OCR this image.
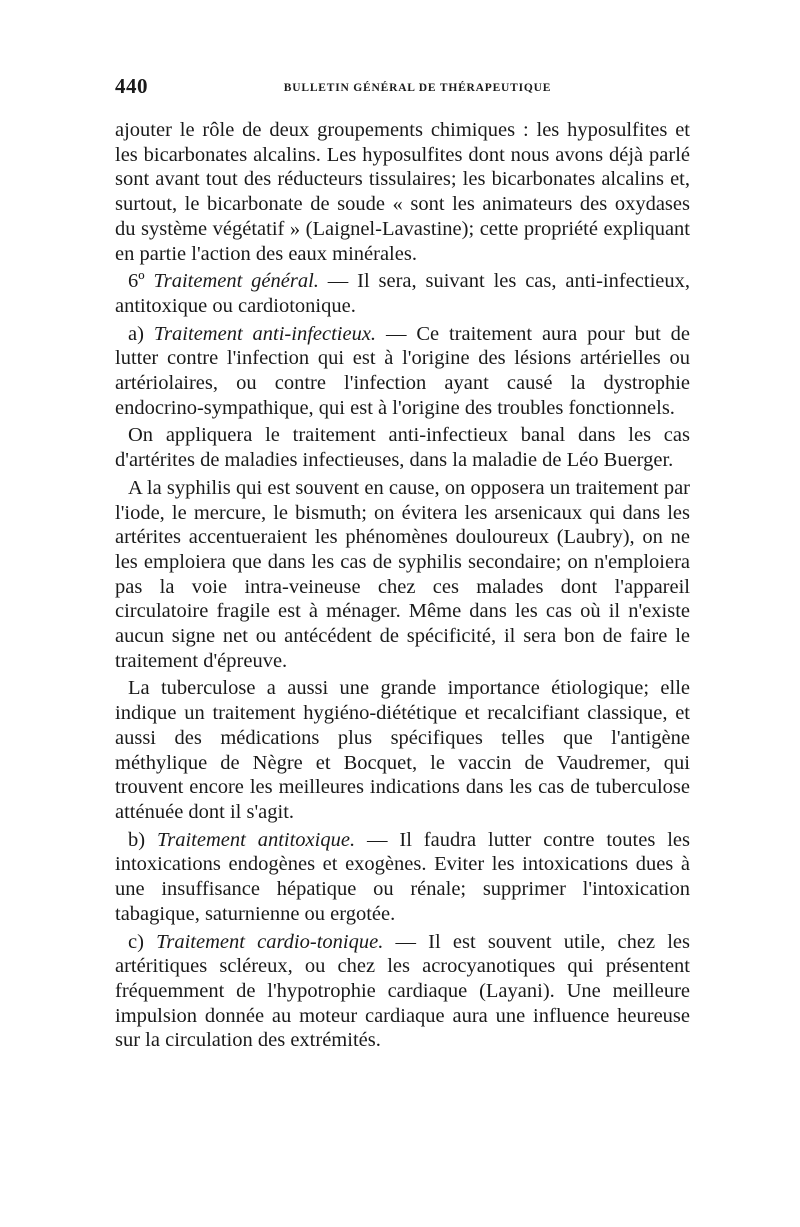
440	BULLETIN GÉNÉRAL DE THÉRAPEUTIQUE

ajouter le rôle de deux groupements chimiques : les hyposulfites et les bicarbonates alcalins. Les hyposulfites dont nous avons déjà parlé sont avant tout des réducteurs tissulaires; les bicarbonates alcalins et, surtout, le bicarbonate de soude « sont les animateurs des oxydases du système végétatif » (Laignel-Lavastine); cette propriété expliquant en partie l'action des eaux minérales.

6º Traitement général. — Il sera, suivant les cas, anti-infectieux, antitoxique ou cardiotonique.

a) Traitement anti-infectieux. — Ce traitement aura pour but de lutter contre l'infection qui est à l'origine des lésions artérielles ou artériolaires, ou contre l'infection ayant causé la dystrophie endocrino-sympathique, qui est à l'origine des troubles fonctionnels.

On appliquera le traitement anti-infectieux banal dans les cas d'artérites de maladies infectieuses, dans la maladie de Léo Buerger.

A la syphilis qui est souvent en cause, on opposera un traitement par l'iode, le mercure, le bismuth; on évitera les arsenicaux qui dans les artérites accentueraient les phénomènes douloureux (Laubry), on ne les emploiera que dans les cas de syphilis secondaire; on n'emploiera pas la voie intra-veineuse chez ces malades dont l'appareil circulatoire fragile est à ménager. Même dans les cas où il n'existe aucun signe net ou antécédent de spécificité, il sera bon de faire le traitement d'épreuve.

La tuberculose a aussi une grande importance étiologique; elle indique un traitement hygiéno-diététique et recalcifiant classique, et aussi des médications plus spécifiques telles que l'antigène méthylique de Nègre et Bocquet, le vaccin de Vaudremer, qui trouvent encore les meilleures indications dans les cas de tuberculose atténuée dont il s'agit.

b) Traitement antitoxique. — Il faudra lutter contre toutes les intoxications endogènes et exogènes. Eviter les intoxications dues à une insuffisance hépatique ou rénale; supprimer l'intoxication tabagique, saturnienne ou ergotée.

c) Traitement cardio-tonique. — Il est souvent utile, chez les artéritiques scléreux, ou chez les acrocyanotiques qui présentent fréquemment de l'hypotrophie cardiaque (Layani). Une meilleure impulsion donnée au moteur cardiaque aura une influence heureuse sur la circulation des extrémités.
